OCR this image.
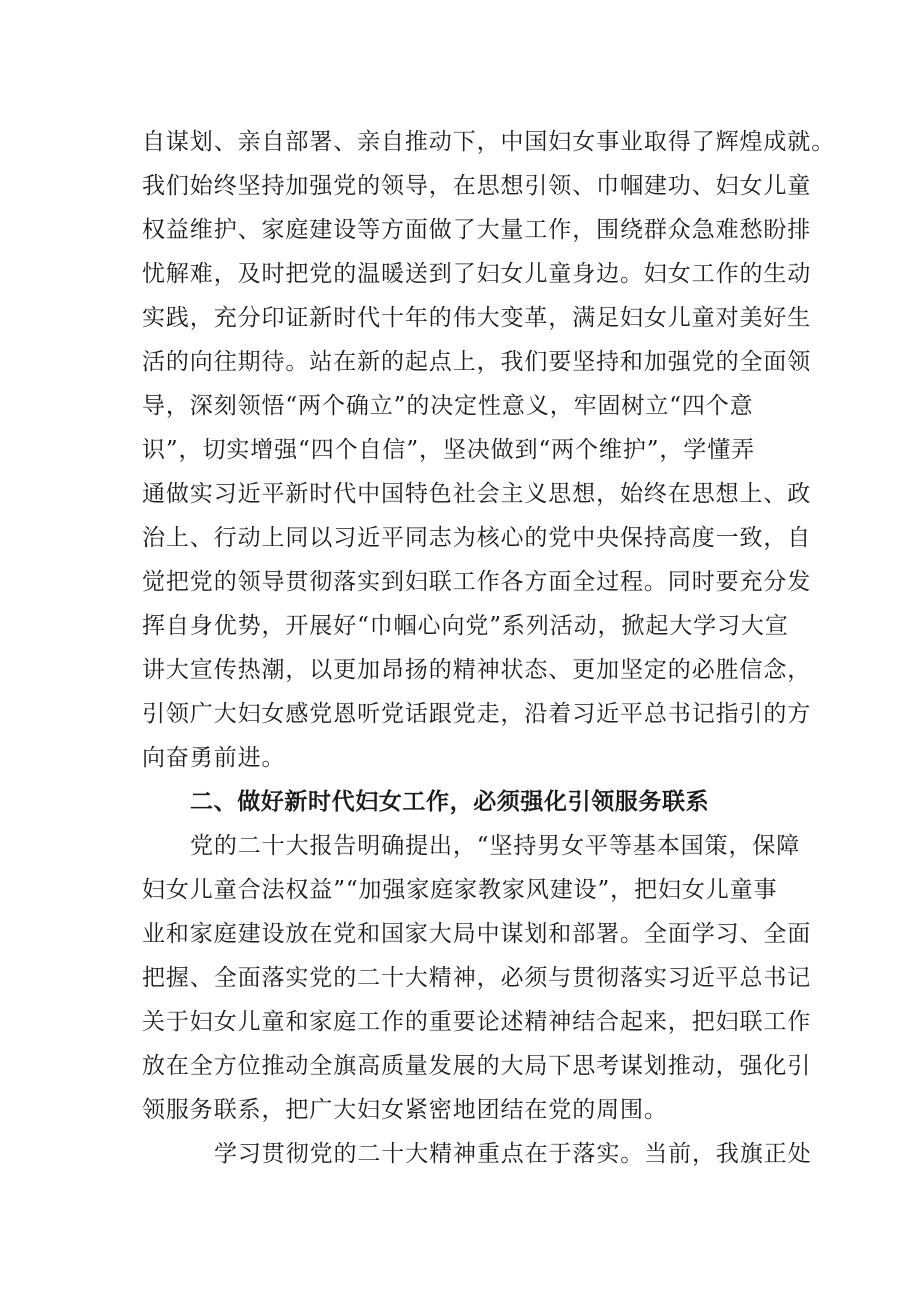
自谋划、亲自部署、亲自推动下，中国妇女事业取得了辉煌成就。
我们始终坚持加强党的领导，在思想引领、巾帼建功、妇女儿童
权益维护、家庭建设等方面做了大量工作，围绕群众急难愁盼排
忧解难，及时把党的温暖送到了妇女儿童身边。妇女工作的生动
实践，充分印证新时代十年的伟大变革，满足妇女儿童对美好生
活的向往期待。站在新的起点上，我们要坚持和加强党的全面领
导，深刻领悟“两个确立”的决定性意义，牢固树立“四个意
识”，切实增强“四个自信”，坚决做到“两个维护”，学懂弄
通做实习近平新时代中国特色社会主义思想，始终在思想上、政
治上、行动上同以习近平同志为核心的党中央保持高度一致，自
觉把党的领导贯彻落实到妇联工作各方面全过程。同时要充分发
挥自身优势，开展好“巾帼心向党”系列活动，掀起大学习大宣
讲大宣传热潮，以更加昂扬的精神状态、更加坚定的必胜信念，
引领广大妇女感党恩听党话跟党走，沿着习近平总书记指引的方
向奋勇前进。
二、做好新时代妇女工作，必须强化引领服务联系
党的二十大报告明确提出，“坚持男女平等基本国策，保障
妇女儿童合法权益”“加强家庭家教家风建设”，把妇女儿童事
业和家庭建设放在党和国家大局中谋划和部署。全面学习、全面
把握、全面落实党的二十大精神，必须与贯彻落实习近平总书记
关于妇女儿童和家庭工作的重要论述精神结合起来，把妇联工作
放在全方位推动全旗高质量发展的大局下思考谋划推动，强化引
领服务联系，把广大妇女紧密地团结在党的周围。
学习贯彻党的二十大精神重点在于落实。当前，我旗正处
